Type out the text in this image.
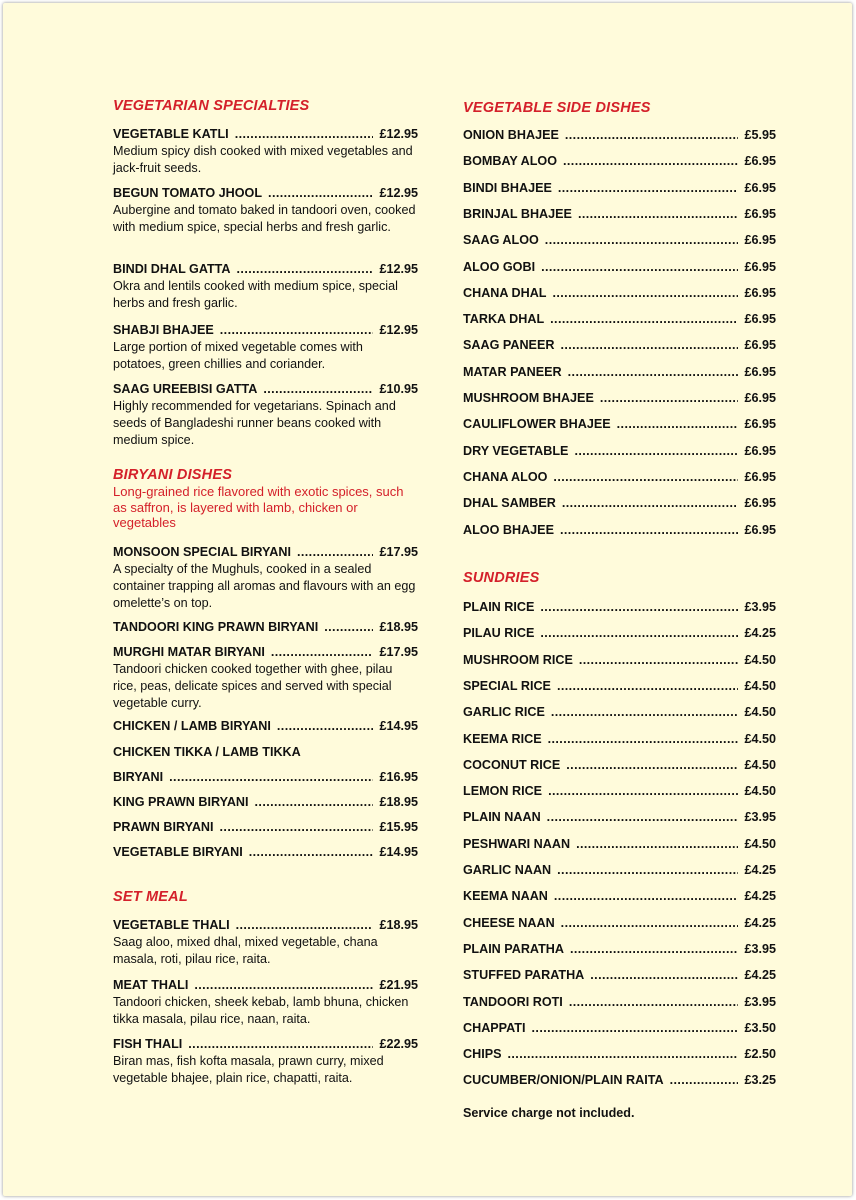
VEGETARIAN SPECIALTIES
VEGETABLE KATLI .....	£12.95
Medium spicy dish cooked with mixed vegetables and jack-fruit seeds.
BEGUN TOMATO JHOOL .....	£12.95
Aubergine and tomato baked in tandoori oven, cooked with medium spice, special herbs and fresh garlic.
BINDI DHAL GATTA .....	£12.95
Okra and lentils cooked with medium spice, special herbs and fresh garlic.
SHABJI BHAJEE .....	£12.95
Large portion of mixed vegetable comes with potatoes, green chillies and coriander.
SAAG UREEBISI GATTA .....	£10.95
Highly recommended for vegetarians. Spinach and seeds of Bangladeshi runner beans cooked with medium spice.
BIRYANI DISHES

Long-grained rice flavored with exotic spices, such as saffron, is layered with lamb, chicken or vegetables

MONSOON SPECIAL BIRYANI .....	£17.95
A specialty of the Mughuls, cooked in a sealed container trapping all aromas and flavours with an egg omelette’s on top.
TANDOORI KING PRAWN BIRYANI .....	£18.95
MURGHI MATAR BIRYANI .....	£17.95
Tandoori chicken cooked together with ghee, pilau rice, peas, delicate spices and served with special vegetable curry.
CHICKEN / LAMB BIRYANI .....	£14.95
CHICKEN TIKKA / LAMB TIKKA
BIRYANI .....	£16.95
KING PRAWN BIRYANI .....	£18.95
PRAWN BIRYANI .....	£15.95
VEGETABLE BIRYANI .....	£14.95
SET MEAL
VEGETABLE THALI .....	£18.95
Saag aloo, mixed dhal, mixed vegetable, chana masala, roti, pilau rice, raita.
MEAT THALI .....	£21.95
Tandoori chicken, sheek kebab, lamb bhuna, chicken tikka masala, pilau rice, naan, raita.
FISH THALI .....	£22.95
Biran mas, fish kofta masala, prawn curry, mixed vegetable bhajee, plain rice, chapatti, raita.
VEGETABLE SIDE DISHES
ONION BHAJEE .....	£5.95
BOMBAY ALOO .....	£6.95
BINDI BHAJEE .....	£6.95
BRINJAL BHAJEE .....	£6.95
SAAG ALOO .....	£6.95
ALOO GOBI .....	£6.95
CHANA DHAL .....	£6.95
TARKA DHAL .....	£6.95
SAAG PANEER .....	£6.95
MATAR PANEER .....	£6.95
MUSHROOM BHAJEE .....	£6.95
CAULIFLOWER BHAJEE .....	£6.95
DRY VEGETABLE .....	£6.95
CHANA ALOO .....	£6.95
DHAL SAMBER .....	£6.95
ALOO BHAJEE .....	£6.95
SUNDRIES
PLAIN RICE .....	£3.95
PILAU RICE .....	£4.25
MUSHROOM RICE .....	£4.50
SPECIAL RICE .....	£4.50
GARLIC RICE .....	£4.50
KEEMA RICE .....	£4.50
COCONUT RICE .....	£4.50
LEMON RICE .....	£4.50
PLAIN NAAN .....	£3.95
PESHWARI NAAN .....	£4.50
GARLIC NAAN .....	£4.25
KEEMA NAAN .....	£4.25
CHEESE NAAN .....	£4.25
PLAIN PARATHA .....	£3.95
STUFFED PARATHA .....	£4.25
TANDOORI ROTI .....	£3.95
CHAPPATI .....	£3.50
CHIPS .....	£2.50
CUCUMBER/ONION/PLAIN RAITA .....	£3.25

Service charge not included.
